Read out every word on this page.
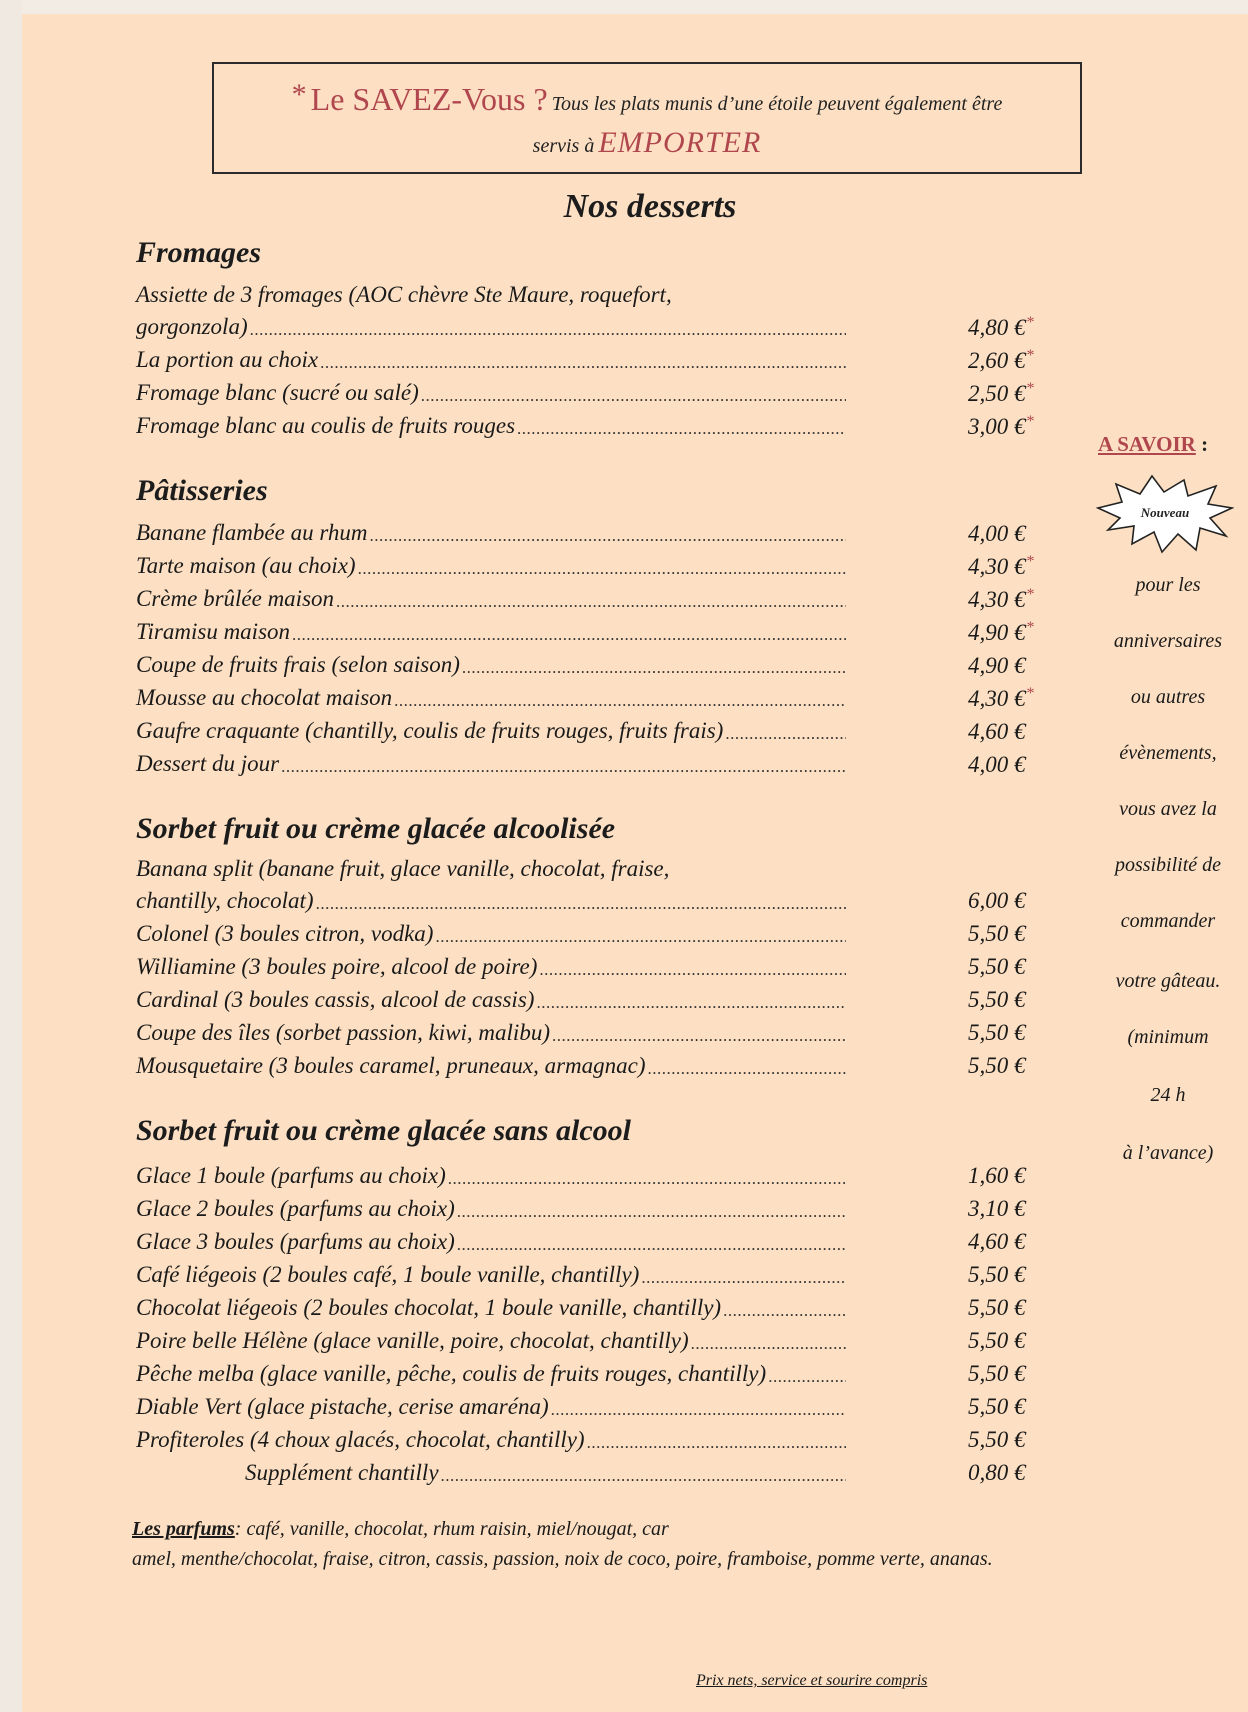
* Le SAVEZ-Vous ? Tous les plats munis d’une étoile peuvent également être
servis à EMPORTER
Nos desserts
Fromages
Assiette de 3 fromages (AOC chèvre Ste Maure, roquefort,
gorgonzola) .....	4,80 €*
La portion au choix .....	2,60 €*
Fromage blanc (sucré ou salé) .....	2,50 €*
Fromage blanc au coulis de fruits rouges .....	3,00 €*
Pâtisseries
Banane flambée au rhum .....	4,00 €
Tarte maison (au choix) .....	4,30 €*
Crème brûlée maison .....	4,30 €*
Tiramisu maison .....	4,90 €*
Coupe de fruits frais (selon saison) .....	4,90 €
Mousse au chocolat maison .....	4,30 €*
Gaufre craquante (chantilly, coulis de fruits rouges, fruits frais) .....	4,60 €
Dessert du jour .....	4,00 €
Sorbet fruit ou crème glacée alcoolisée
Banana split (banane fruit, glace vanille, chocolat, fraise,
chantilly, chocolat) .....	6,00 €
Colonel (3 boules citron, vodka) .....	5,50 €
Williamine (3 boules poire, alcool de poire) .....	5,50 €
Cardinal (3 boules cassis, alcool de cassis) .....	5,50 €
Coupe des îles (sorbet passion, kiwi, malibu) .....	5,50 €
Mousquetaire (3 boules caramel, pruneaux, armagnac) .....	5,50 €
Sorbet fruit ou crème glacée sans alcool
Glace 1 boule (parfums au choix) .....	1,60 €
Glace 2 boules (parfums au choix) .....	3,10 €
Glace 3 boules (parfums au choix) .....	4,60 €
Café liégeois (2 boules café, 1 boule vanille, chantilly) .....	5,50 €
Chocolat liégeois (2 boules chocolat, 1 boule vanille, chantilly) .....	5,50 €
Poire belle Hélène (glace vanille, poire, chocolat, chantilly) .....	5,50 €
Pêche melba (glace vanille, pêche, coulis de fruits rouges, chantilly) .....	5,50 €
Diable Vert (glace pistache, cerise amaréna) .....	5,50 €
Profiteroles (4 choux glacés, chocolat, chantilly) .....	5,50 €
Supplément chantilly .....	0,80 €
A SAVOIR :
Nouveau
pour les
anniversaires
ou autres
évènements,
vous avez la
possibilité de
commander
votre gâteau.
(minimum
24 h
à l’avance)
Les parfums: café, vanille, chocolat, rhum raisin, miel/nougat, car
amel, menthe/chocolat, fraise, citron, cassis, passion, noix de coco, poire, framboise, pomme verte, ananas.
Prix nets, service et sourire compris
